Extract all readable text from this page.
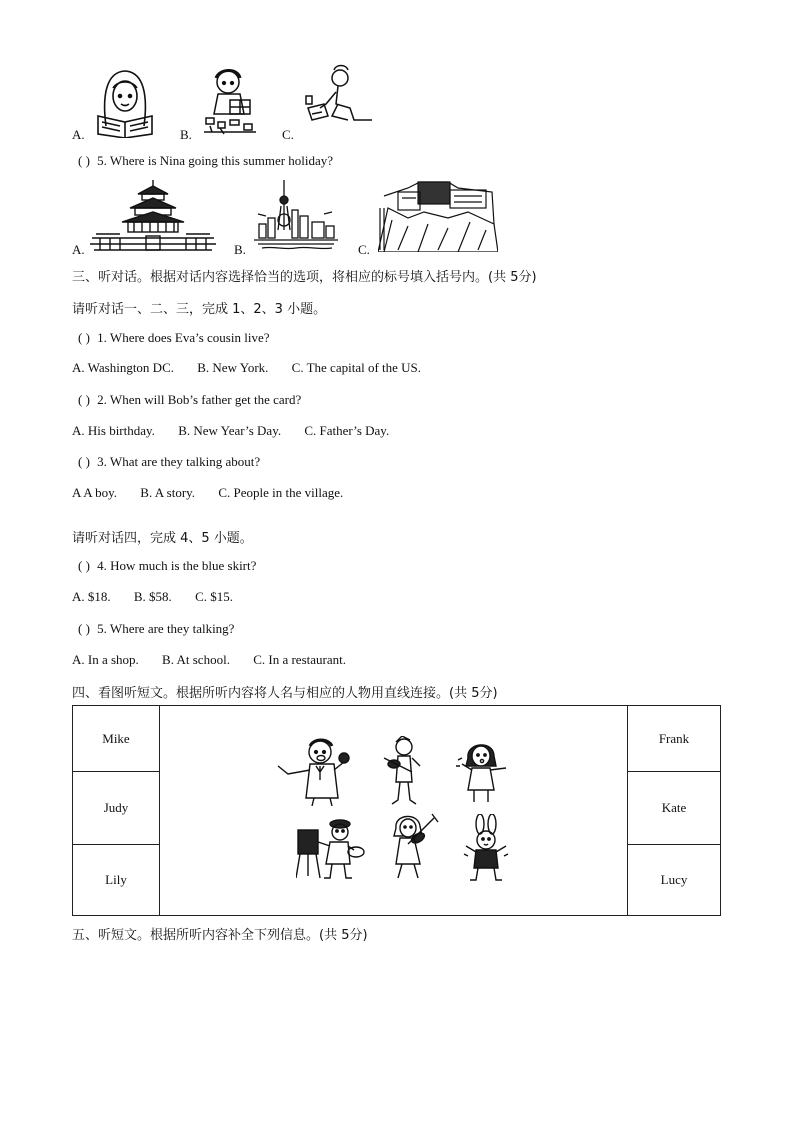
A.	B.	C.
( ) 5. Where is Nina going this summer holiday?
A.	B.	C.
三、听对话。根据对话内容选择恰当的选项，将相应的标号填入括号内。(共 5分)
请听对话一、二、三，完成 1、2、3 小题。
( ) 1. Where does Eva’s cousin live?
A. Washington DC. B. New York. C. The capital of the US.
( ) 2. When will Bob’s father get the card?
A. His birthday. B. New Year’s Day. C. Father’s Day.
( ) 3. What are they talking about?
A A boy. B. A story. C. People in the village.
请听对话四，完成 4、5 小题。
( ) 4. How much is the blue skirt?
A. $18. B. $58. C. $15.
( ) 5. Where are they talking?
A. In a shop. B. At school. C. In a restaurant.
四、看图听短文。根据所听内容将人名与相应的人物用直线连接。(共 5分)
Mike		Frank
Judy		Kate
Lily		Lucy
五、听短文。根据所听内容补全下列信息。(共 5分)
